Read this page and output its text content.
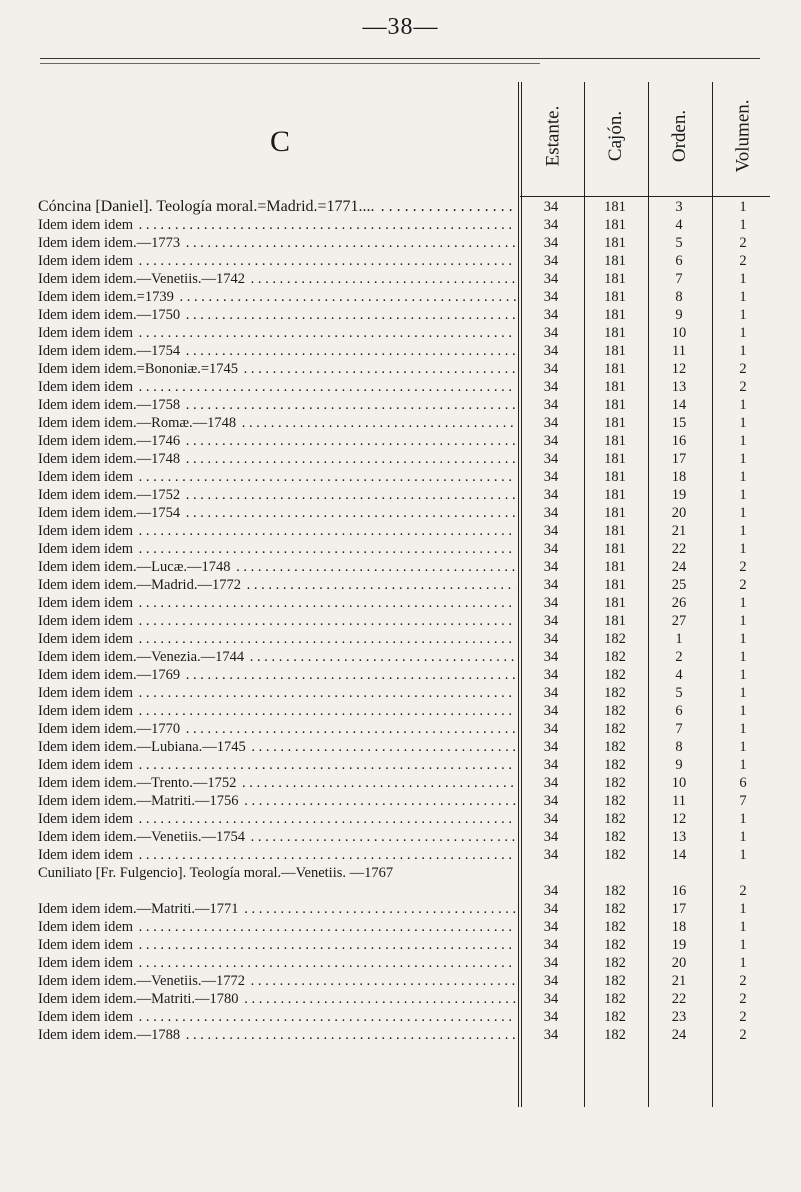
—38—
C	Estante. Cajón. Orden. Volumen.
Cóncina [Daniel]. Teología moral.=Madrid.=1771.... . . .	34	181	3	1
Idem idem idem . . .	34	181	4	1
Idem idem idem.—1773 . . .	34	181	5	2
Idem idem idem . . .	34	181	6	2
Idem idem idem.—Venetiis.—1742 . . .	34	181	7	1
Idem idem idem.=1739 . . .	34	181	8	1
Idem idem idem.—1750 . . .	34	181	9	1
Idem idem idem . . .	34	181	10	1
Idem idem idem.—1754 . . .	34	181	11	1
Idem idem idem.=Bononiæ.=1745 . . .	34	181	12	2
Idem idem idem . . .	34	181	13	2
Idem idem idem.—1758 . . .	34	181	14	1
Idem idem idem.—Romæ.—1748 . . .	34	181	15	1
Idem idem idem.—1746 . . .	34	181	16	1
Idem idem idem.—1748 . . .	34	181	17	1
Idem idem idem . . .	34	181	18	1
Idem idem idem.—1752 . . .	34	181	19	1
Idem idem idem.—1754 . . .	34	181	20	1
Idem idem idem . . .	34	181	21	1
Idem idem idem . . .	34	181	22	1
Idem idem idem.—Lucæ.—1748 . . .	34	181	24	2
Idem idem idem.—Madrid.—1772 . . .	34	181	25	2
Idem idem idem . . .	34	181	26	1
Idem idem idem . . .	34	181	27	1
Idem idem idem . . .	34	182	1	1
Idem idem idem.—Venezia.—1744 . . .	34	182	2	1
Idem idem idem.—1769 . . .	34	182	4	1
Idem idem idem . . .	34	182	5	1
Idem idem idem . . .	34	182	6	1
Idem idem idem.—1770 . . .	34	182	7	1
Idem idem idem.—Lubiana.—1745 . . .	34	182	8	1
Idem idem idem . . .	34	182	9	1
Idem idem idem.—Trento.—1752 . . .	34	182	10	6
Idem idem idem.—Matriti.—1756 . . .	34	182	11	7
Idem idem idem . . .	34	182	12	1
Idem idem idem.—Venetiis.—1754 . . .	34	182	13	1
Idem idem idem . . .	34	182	14	1
Cuniliato [Fr. Fulgencio]. Teología moral.—Venetiis. —1767
34	182	16	2
Idem idem idem.—Matriti.—1771 . . .	34	182	17	1
Idem idem idem . . .	34	182	18	1
Idem idem idem . . .	34	182	19	1
Idem idem idem . . .	34	182	20	1
Idem idem idem.—Venetiis.—1772 . . .	34	182	21	2
Idem idem idem.—Matriti.—1780 . . .	34	182	22	2
Idem idem idem . . .	34	182	23	2
Idem idem idem.—1788 . . .	34	182	24	2
